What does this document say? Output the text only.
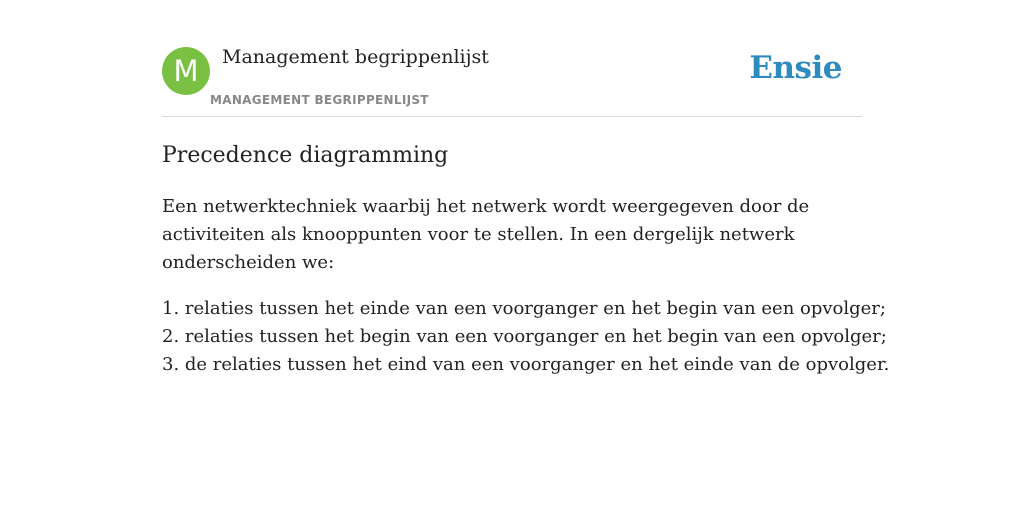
M	Management begrippenlijst
MANAGEMENT BEGRIPPENLIJST
Ensie
Precedence diagramming

Een netwerktechniek waarbij het netwerk wordt weergegeven door de activiteiten als knooppunten voor te stellen. In een dergelijk netwerk onderscheiden we:

1. relaties tussen het einde van een voorganger en het begin van een opvolger;
2. relaties tussen het begin van een voorganger en het begin van een opvolger;
3. de relaties tussen het eind van een voorganger en het einde van de opvolger.
